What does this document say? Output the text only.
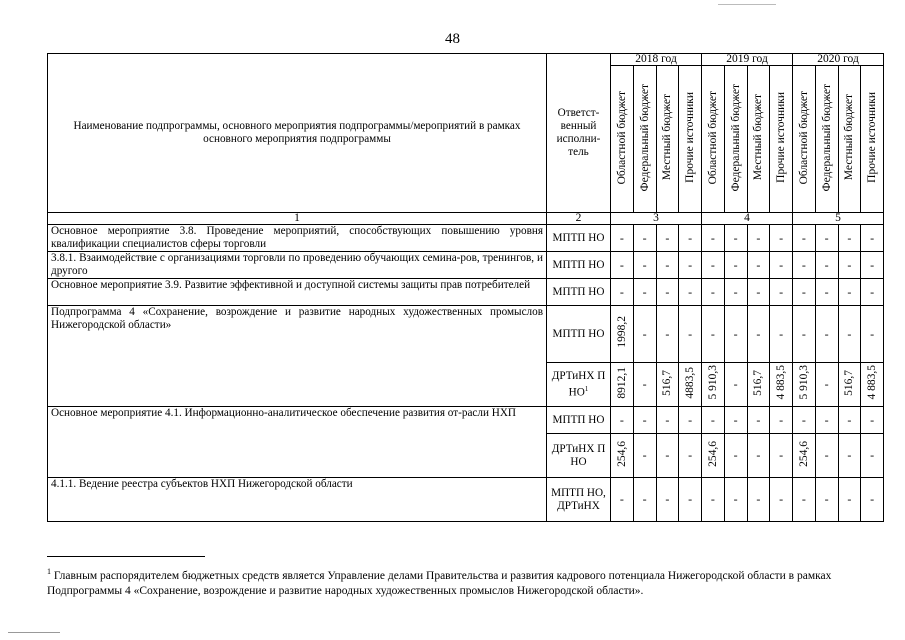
48
Наименование подпрограммы, основного мероприятия подпрограммы/мероприятий в рамках основного мероприятия подпрограммы	Ответст-венный исполни-тель	2018 год				2019 год				2020 год			
		Областной бюджет	Федеральный бюджет	Местный бюджет	Прочие источники	Областной бюджет	Федеральный бюджет	Местный бюджет	Прочие источники	Областной бюджет	Федеральный бюджет	Местный бюджет	Прочие источники
1	2	3				4				5			
Основное мероприятие 3.8. Проведение мероприятий, способствующих повышению уровня квалификации специалистов сферы торговли	МПТП НО	-	-	-	-	-	-	-	-	-	-	-	-
3.8.1. Взаимодействие с организациями торговли по проведению обучающих семина-ров, тренингов, и другого	МПТП НО	-	-	-	-	-	-	-	-	-	-	-	-
Основное мероприятие 3.9. Развитие эффективной и доступной системы защиты прав потребителей	МПТП НО	-	-	-	-	-	-	-	-	-	-	-	-
Подпрограмма 4 «Сохранение, возрождение и развитие народных художественных промыслов Нижегородской области»	МПТП НО	1998,2	-	-	-	-	-	-	-	-	-	-	-
	ДРТиНХ П $НО^1$	8912,1	-	516,7	4883,5	5 910,3	-	516,7	4 883,5	5 910,3	-	516,7	4 883,5
Основное мероприятие 4.1. Информационно-аналитическое обеспечение развития от-расли НХП	МПТП НО	-	-	-	-	-	-	-	-	-	-	-	-
	ДРТиНХ П НО	254,6	-	-	-	254,6	-	-	-	254,6	-	-	-
4.1.1. Ведение реестра субъектов НХП Нижегородской области	МПТП НО, ДРТиНХ	-	-	-	-	-	-	-	-	-	-	-	-
$^1$ Главным распорядителем бюджетных средств является Управление делами Правительства и развития кадрового потенциала Нижегородской области в рамках Подпрограммы 4 «Сохранение, возрождение и развитие народных художественных промыслов Нижегородской области».
